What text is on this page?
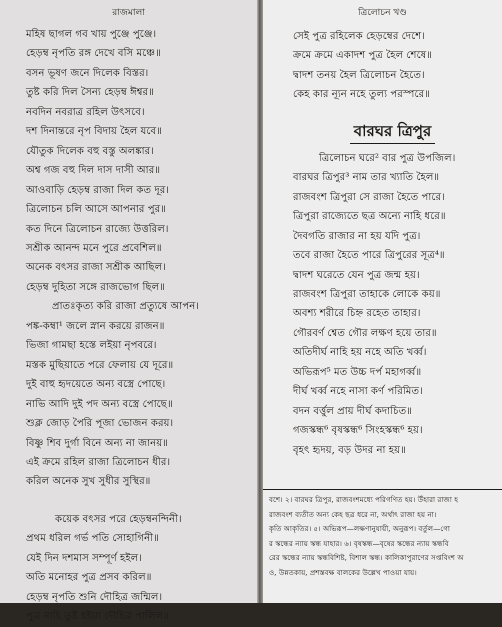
রাজমালা
মহিষ ছাগল গব খায় পুঞ্জে পুঞ্জে।
হেড়ম্ব নৃপতি রঙ্গ দেখে বসি মঞ্চে॥
বসন ভূষণ জনে দিলেক বিস্তর।
তুষ্ট করি দিল সৈন্য হেড়ম্ব ঈশ্বর॥
নবদিন নবরাত্র রহিল উৎসবে।
দশ দিনান্তরে নৃপ বিদায় হৈল যবে॥
যৌতুক দিলেক বহু বস্তু অলঙ্কার।
অশ্ব গজ বহু দিল দাস দাসী আর॥
আওবাড়ি হেড়ম্ব রাজা দিল কত দূর।
ত্রিলোচন চলি আসে আপনার পুর॥
কত দিনে ত্রিলোচন রাজ্যে উত্তরিল।
সশ্রীক আনন্দ মনে পুরে প্রবেশিল॥
অনেক বৎসর রাজা সশ্রীক আছিল।
হেড়ম্ব দুহিতা সঙ্গে রাজভোগ ছিল॥
প্রাতঃকৃত্য করি রাজা প্রত্যুষে আপন।
পঙ্ক-কম্বা¹ জলে স্নান করয়ে রাজন॥
ভিজা গামছা হস্তে লইয়া নৃপবরে।
মস্তক মুছিয়াতে পরে ফেলায় যে দূরে॥
দুই বাহু হৃদয়েতে অন্য বস্ত্রে পোছে।
নাভি আদি দুই পদ অন্য বস্ত্রে পোছে॥
শুক্ল জোড় পৈরি পূজা ভোজন করয়।
বিষ্ণু শিব দুর্গা বিনে অন্য না জানয়॥
এই ক্রমে রহিল রাজা ত্রিলোচন ধীর।
করিল অনেক সুখ সুধীর সুস্থির॥
কয়েক বৎসর পরে হেড়ম্বনন্দিনী।
প্রথম ধরিল গর্ভ পতি সোহাগিনী॥
যেই দিন দশমাস সম্পূর্ণ হইল।
অতি মনোহর পুত্র প্রসব করিল॥
হেড়ম্ব নৃপতি শুনি দৌহিত্র জন্মিল।
পুত্র নাহি তুষ্ট হইয়া দৌহিত্র পালিল॥
ত্রিলোচন খণ্ড
সেই পুত্র রহিলেক হেড়ম্বের দেশে।
ক্রমে ক্রমে একাদশ পুত্র হৈল শেষে॥
দ্বাদশ তনয় হৈল ত্রিলোচন হৈতে।
কেহ কার ন্যূন নহে তুল্য পরস্পরে॥
বারঘর ত্রিপুর
ত্রিলোচন ঘরে² বার পুত্র উপজিল।
বারঘর ত্রিপুর³ নাম তার খ্যাতি হৈল॥
রাজবংশ ত্রিপুরা সে রাজা হৈতে পারে।
ত্রিপুরা রাজ্যেতে ছত্র অন্যে নাহি ধরে॥
দৈবগতি রাজার না হয় যদি পুত্র।
তবে রাজা হৈতে পারে ত্রিপুরের সূত্র⁴॥
দ্বাদশ ঘরেতে যেন পুত্র জন্ম হয়।
রাজবংশ ত্রিপুরা তাহাকে লোকে কয়॥
অবশ্য শরীরে চিহ্ন রহেত তাহার।
গৌরবর্ণ শ্বেত গৌর লক্ষণ হয়ে তার॥
অতিদীর্ঘ নাহি হয় নহে অতি খর্ব্ব।
অভিরূপ⁵ মত উচ্চ দর্প মহাগর্ব্ব॥
দীর্ঘ খর্ব্ব নহে নাসা কর্ণ পরিমিত।
বদন বর্ত্তুল প্রায় দীর্ঘ কদাচিত॥
গজস্কন্ধ⁶ বৃষস্কন্ধ⁶ সিংহস্কন্ধ⁶ হয়।
বৃহৎ হৃদয়, বড় উদর না হয়॥

বশে। ২। বারঘর ত্রিপুর, রাজবংশমধ্যে পরিগণিত হয়। উঁহারা রাজা হ

রাজবংশ ব্যতীত অন্য কেহ ছত্র ধরে না, অর্থাৎ রাজা হয় না।

কৃতি আকৃতির। ৫। অভিরূপ—লক্ষণানুযায়ী, অনুরূপ। বর্তুল—গো

র স্কন্ধের ন্যায় স্কন্ধ যাহার। ৬। বৃষস্কন্ধ—বৃষের স্কন্ধের ন্যায় স্কন্ধবি

রের স্কন্ধের ন্যায় স্কন্ধবিশিষ্ট, বিশাল স্কন্ধ। কালিকাপুরাণের সপ্তবিংশ অ

ও, উন্নতকায়, প্রশস্তবক্ষ বালকের উল্লেখ পাওয়া যায়।
